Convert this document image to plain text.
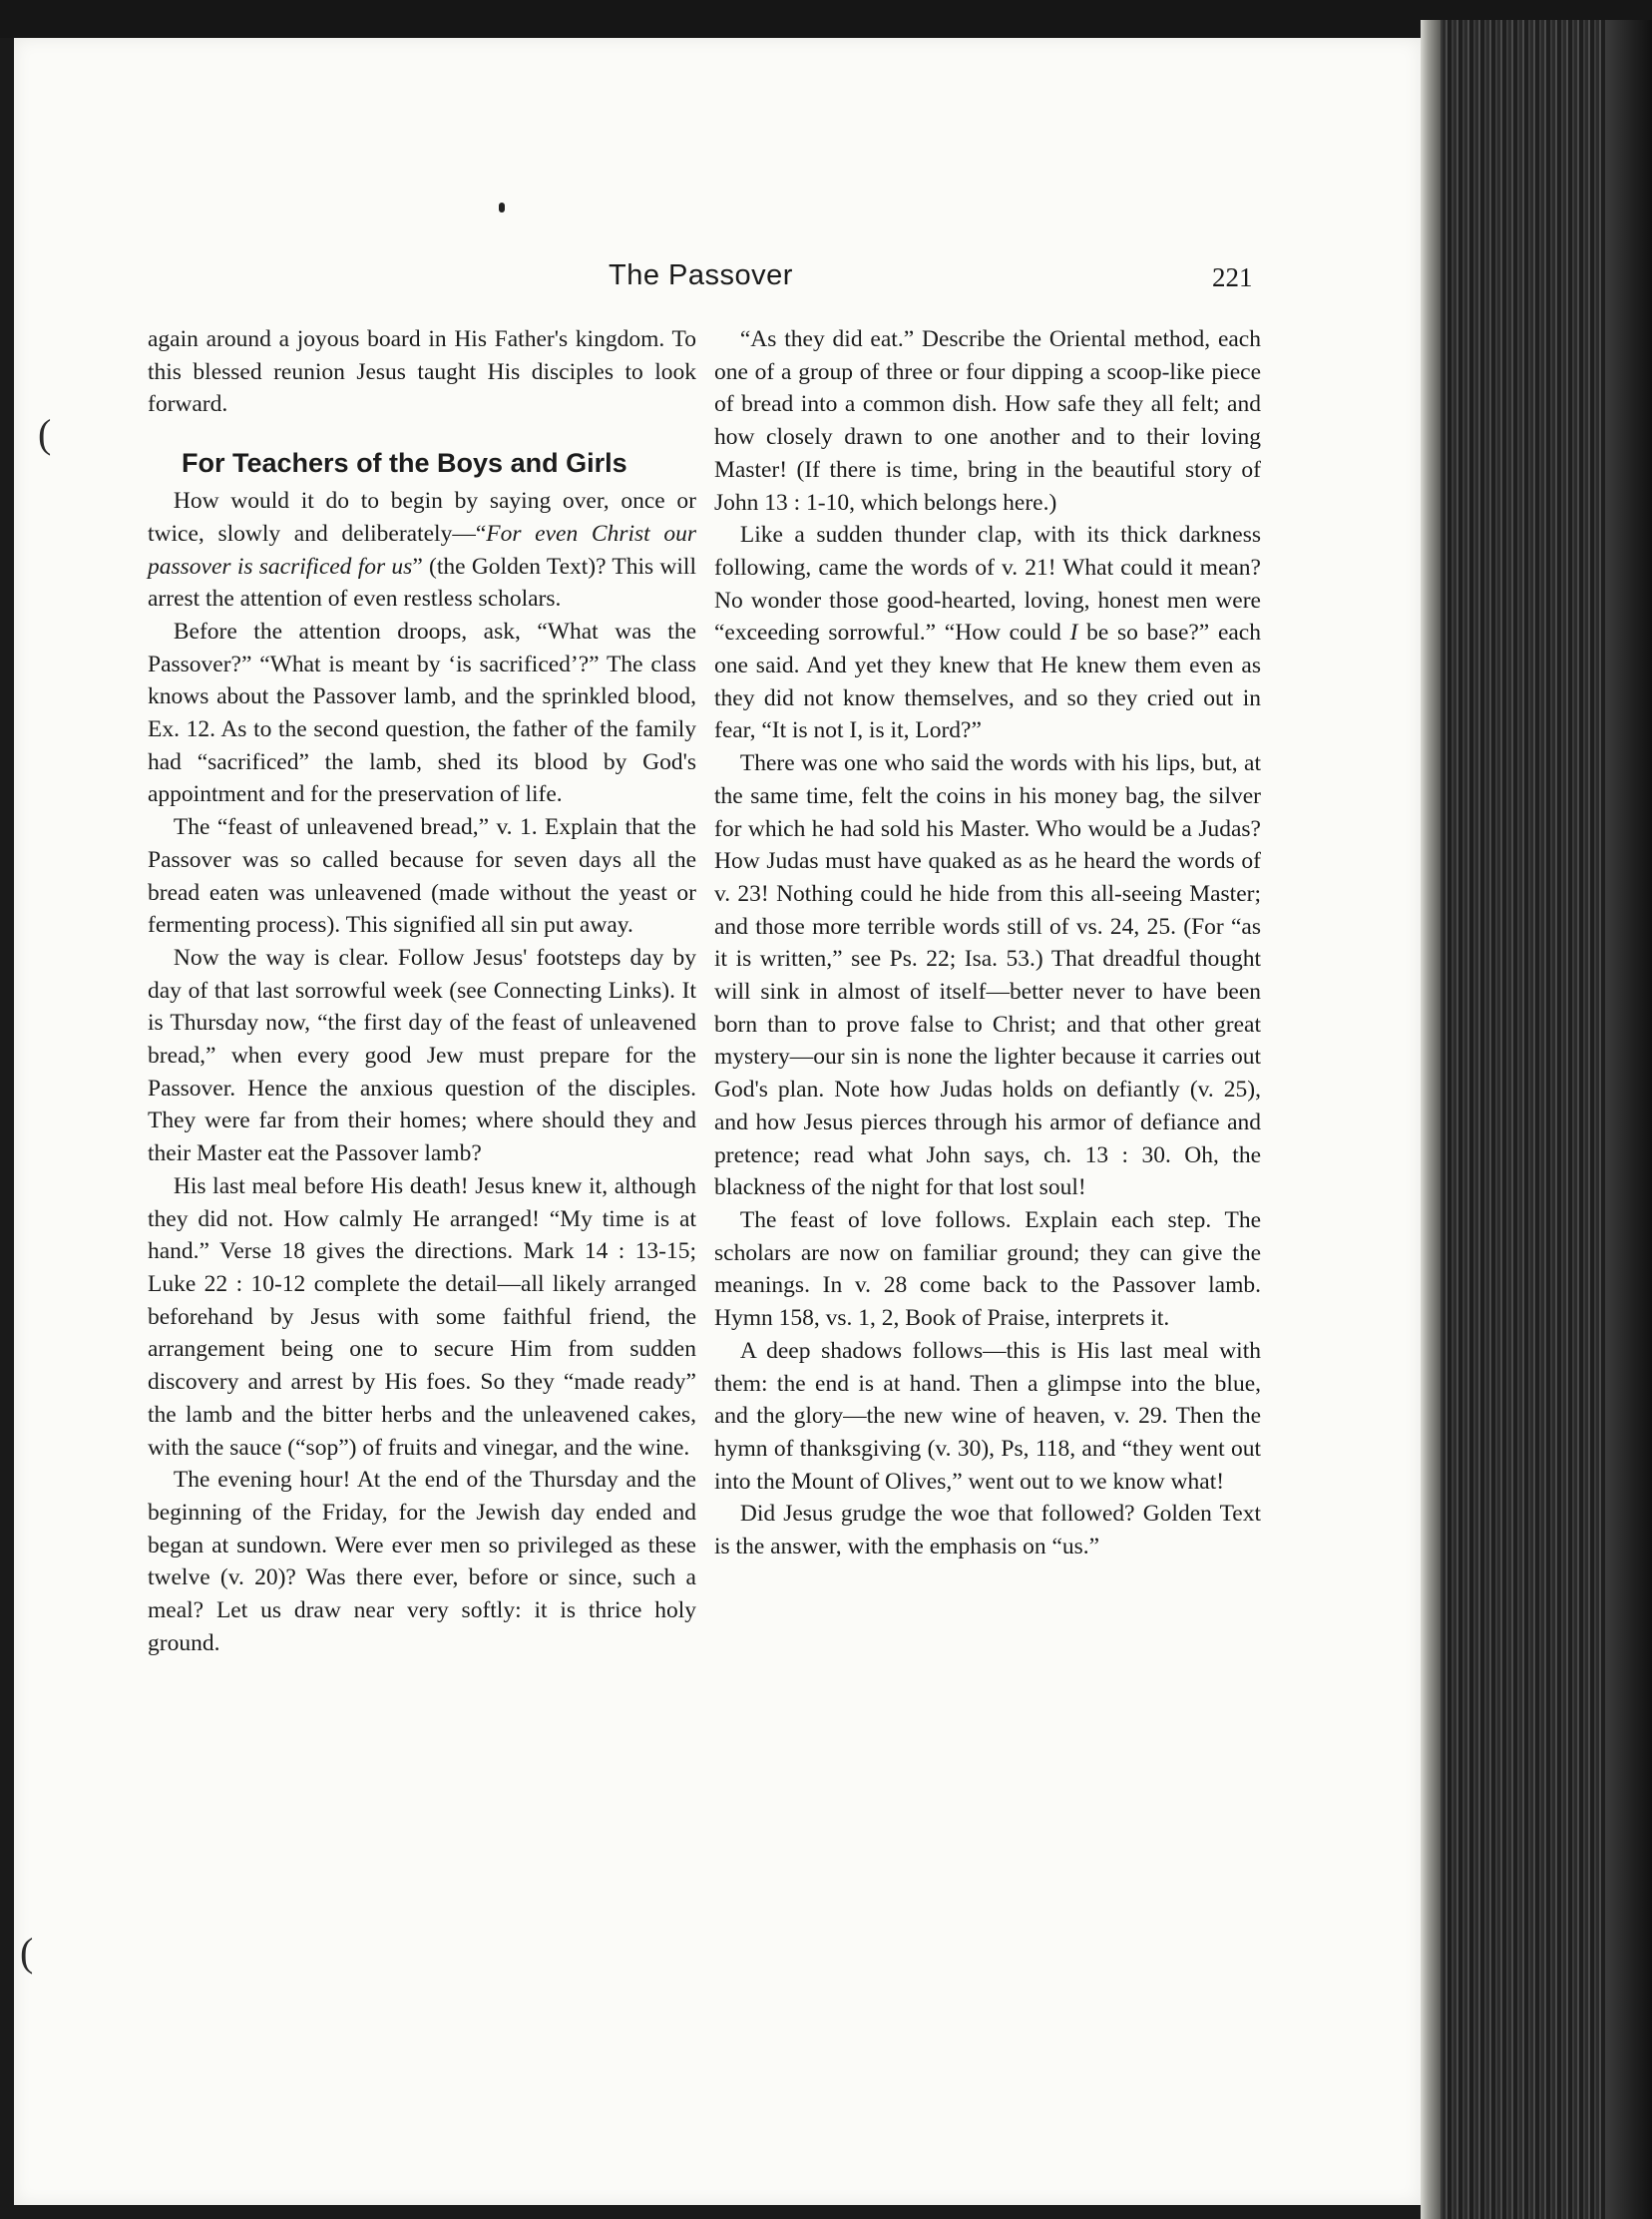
(
(
The Passover	221

again around a joyous board in His Father's kingdom. To this blessed reunion Jesus taught His disciples to look forward.

For Teachers of the Boys and Girls

How would it do to begin by saying over, once or twice, slowly and deliberately—“For even Christ our passover is sacrificed for us” (the Golden Text)? This will arrest the attention of even restless scholars.

Before the attention droops, ask, “What was the Passover?” “What is meant by ‘is sacrificed’?” The class knows about the Passover lamb, and the sprinkled blood, Ex. 12. As to the second question, the father of the family had “sacrificed” the lamb, shed its blood by God's appointment and for the preservation of life.

The “feast of unleavened bread,” v. 1. Explain that the Passover was so called because for seven days all the bread eaten was unleavened (made without the yeast or fermenting process). This signified all sin put away.

Now the way is clear. Follow Jesus' footsteps day by day of that last sorrowful week (see Connecting Links). It is Thursday now, “the first day of the feast of unleavened bread,” when every good Jew must prepare for the Passover. Hence the anxious question of the disciples. They were far from their homes; where should they and their Master eat the Passover lamb?

His last meal before His death! Jesus knew it, although they did not. How calmly He arranged! “My time is at hand.” Verse 18 gives the directions. Mark 14 : 13-15; Luke 22 : 10-12 complete the detail—all likely arranged beforehand by Jesus with some faithful friend, the arrangement being one to secure Him from sudden discovery and arrest by His foes. So they “made ready” the lamb and the bitter herbs and the unleavened cakes, with the sauce (“sop”) of fruits and vinegar, and the wine.

The evening hour! At the end of the Thursday and the beginning of the Friday, for the Jewish day ended and began at sundown. Were ever men so privileged as these twelve (v. 20)? Was there ever, before or since, such a meal? Let us draw near very softly: it is thrice holy ground.

“As they did eat.” Describe the Oriental method, each one of a group of three or four dipping a scoop-like piece of bread into a common dish. How safe they all felt; and how closely drawn to one another and to their loving Master! (If there is time, bring in the beautiful story of John 13 : 1-10, which belongs here.)

Like a sudden thunder clap, with its thick darkness following, came the words of v. 21! What could it mean? No wonder those good-hearted, loving, honest men were “exceeding sorrowful.” “How could I be so base?” each one said. And yet they knew that He knew them even as they did not know themselves, and so they cried out in fear, “It is not I, is it, Lord?”

There was one who said the words with his lips, but, at the same time, felt the coins in his money bag, the silver for which he had sold his Master. Who would be a Judas? How Judas must have quaked as as he heard the words of v. 23! Nothing could he hide from this all-seeing Master; and those more terrible words still of vs. 24, 25. (For “as it is written,” see Ps. 22; Isa. 53.) That dreadful thought will sink in almost of itself—better never to have been born than to prove false to Christ; and that other great mystery—our sin is none the lighter because it carries out God's plan. Note how Judas holds on defiantly (v. 25), and how Jesus pierces through his armor of defiance and pretence; read what John says, ch. 13 : 30. Oh, the blackness of the night for that lost soul!

The feast of love follows. Explain each step. The scholars are now on familiar ground; they can give the meanings. In v. 28 come back to the Passover lamb. Hymn 158, vs. 1, 2, Book of Praise, interprets it.

A deep shadows follows—this is His last meal with them: the end is at hand. Then a glimpse into the blue, and the glory—the new wine of heaven, v. 29. Then the hymn of thanksgiving (v. 30), Ps, 118, and “they went out into the Mount of Olives,” went out to we know what!

Did Jesus grudge the woe that followed? Golden Text is the answer, with the emphasis on “us.”
